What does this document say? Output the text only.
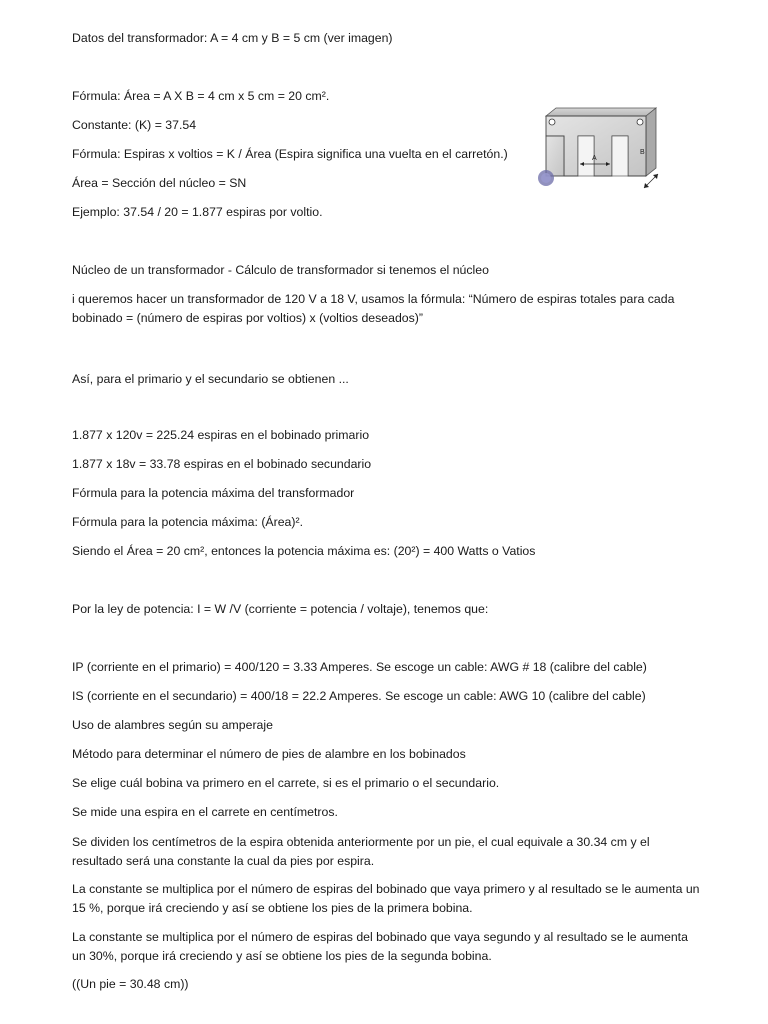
Datos del transformador: A = 4 cm y B = 5 cm (ver imagen)
Fórmula: Área = A X B = 4 cm x 5 cm = 20 cm².
Constante: (K) = 37.54
Fórmula: Espiras x voltios = K / Área (Espira significa una vuelta en el carretón.)
Área = Sección del núcleo = SN
Ejemplo: 37.54 / 20 = 1.877 espiras por voltio.
Núcleo de un transformador - Cálculo de transformador si tenemos el núcleo
i queremos hacer un transformador de 120 V a 18 V, usamos la fórmula: “Número de espiras totales para cada bobinado = (número de espiras por voltios) x (voltios deseados)”
Así, para el primario y el secundario se obtienen ...
1.877 x 120v = 225.24 espiras en el bobinado primario
1.877 x 18v = 33.78 espiras en el bobinado secundario
Fórmula para la potencia máxima del transformador
Fórmula para la potencia máxima: (Área)².
Siendo el Área = 20 cm², entonces la potencia máxima es: (20²) = 400 Watts o Vatios
Por la ley de potencia: I = W /V (corriente = potencia / voltaje), tenemos que:
IP (corriente en el primario) = 400/120 = 3.33 Amperes. Se escoge un cable: AWG # 18 (calibre del cable)
IS (corriente en el secundario) = 400/18 = 22.2 Amperes. Se escoge un cable: AWG 10 (calibre del cable)
Uso de alambres según su amperaje
Método para determinar el número de pies de alambre en los bobinados
Se elige cuál bobina va primero en el carrete, si es el primario o el secundario.
Se mide una espira en el carrete en centímetros.
Se dividen los centímetros de la espira obtenida anteriormente por un pie, el cual equivale a 30.34 cm y el resultado será una constante la cual da pies por espira.
La constante se multiplica por el número de espiras del bobinado que vaya primero y al resultado se le aumenta un 15 %, porque irá creciendo y así se obtiene los pies de la primera bobina.
La constante se multiplica por el número de espiras del bobinado que vaya segundo y al resultado se le aumenta un 30%, porque irá creciendo y así se obtiene los pies de la segunda bobina.
((Un pie = 30.48 cm))
A
B
